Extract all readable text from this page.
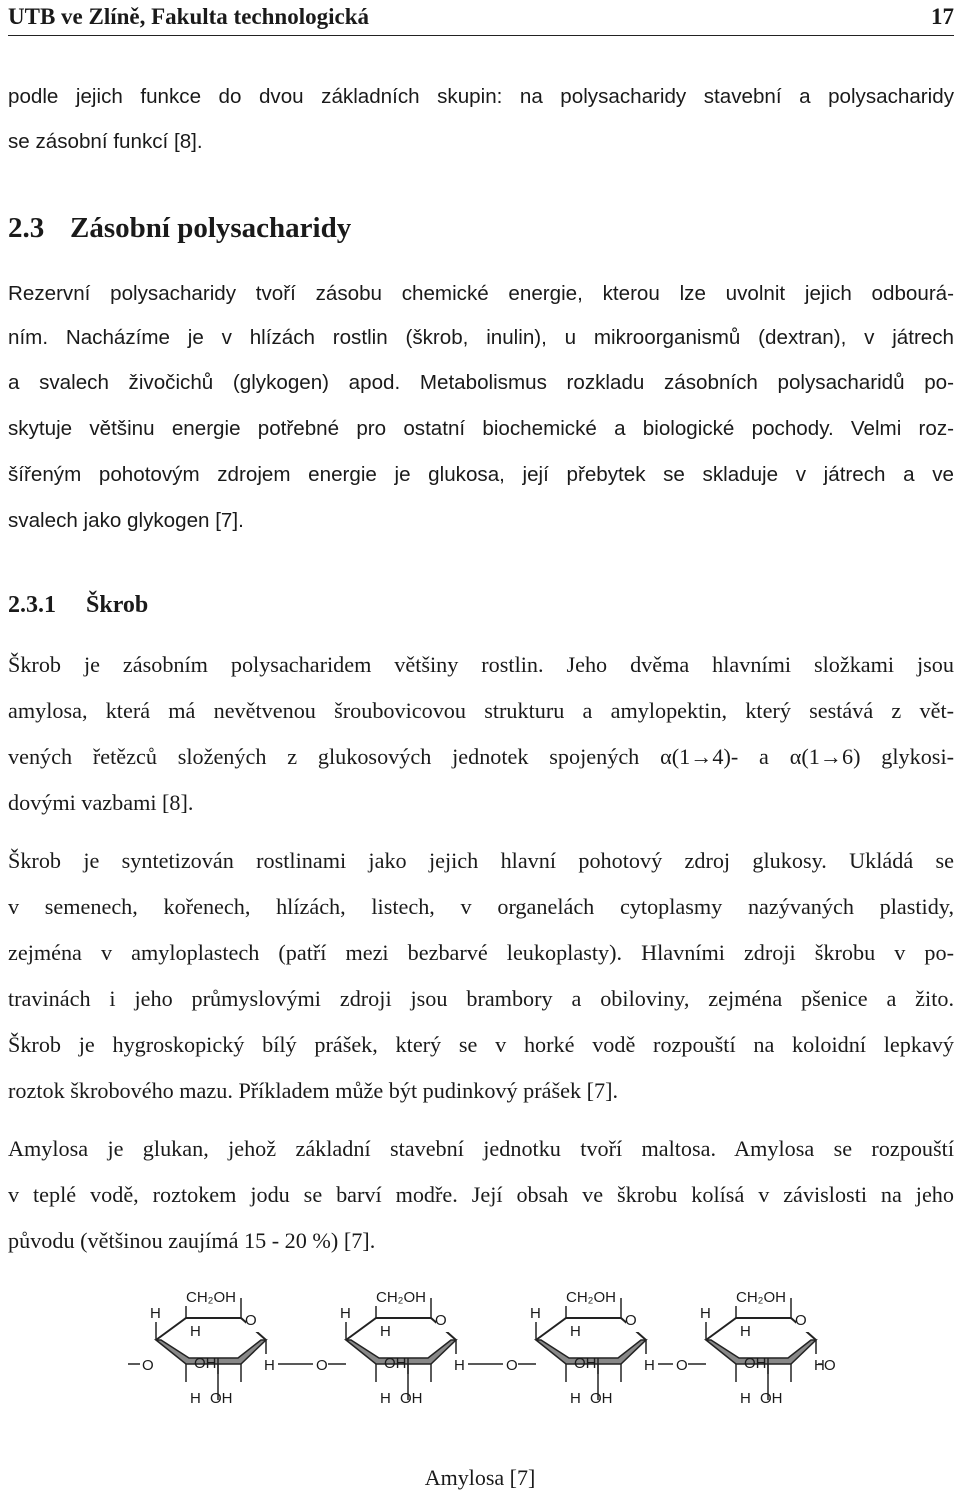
UTB ve Zlíně, Fakulta technologická	17
podle jejich funkce do dvou základních skupin: na polysacharidy stavební a polysacharidy
se zásobní funkcí [8].
2.3 Zásobní polysacharidy
Rezervní polysacharidy tvoří zásobu chemické energie, kterou lze uvolnit jejich odbourá-
ním. Nacházíme je v hlízách rostlin (škrob, inulin), u mikroorganismů (dextran), v játrech
a svalech živočichů (glykogen) apod. Metabolismus rozkladu zásobních polysacharidů po-
skytuje většinu energie potřebné pro ostatní biochemické a biologické pochody. Velmi roz-
šířeným pohotovým zdrojem energie je glukosa, její přebytek se skladuje v játrech a ve
svalech jako glykogen [7].
2.3.1 Škrob
Škrob je zásobním polysacharidem většiny rostlin. Jeho dvěma hlavními složkami jsou
amylosa, která má nevětvenou šroubovicovou strukturu a amylopektin, který sestává z vět-
vených řetězců složených z glukosových jednotek spojených α(1→4)- a α(1→6) glykosi-
dovými vazbami [8].
Škrob je syntetizován rostlinami jako jejich hlavní pohotový zdroj glukosy. Ukládá se
v semenech, kořenech, hlízách, listech, v organelách cytoplasmy nazývaných plastidy,
zejména v amyloplastech (patří mezi bezbarvé leukoplasty). Hlavními zdroji škrobu v po-
travinách i jeho průmyslovými zdroji jsou brambory a obiloviny, zejména pšenice a žito.
Škrob je hygroskopický bílý prášek, který se v horké vodě rozpouští na koloidní lepkavý
roztok škrobového mazu. Příkladem může být pudinkový prášek [7].
Amylosa je glukan, jehož základní stavební jednotku tvoří maltosa. Amylosa se rozpouští
v teplé vodě, roztokem jodu se barví modře. Její obsah ve škrobu kolísá v závislosti na jeho
původu (většinou zaujímá 15 - 20 %) [7].
CH₂OH
O
H
H
H
OH
H OH
O
CH₂OH
O
H
H
H
OH
H OH
O
CH₂OH
O
H
H
H
OH
H OH
O
CH₂OH
O
H
H
H
OH
H OH
O	O
Amylosa [7]
